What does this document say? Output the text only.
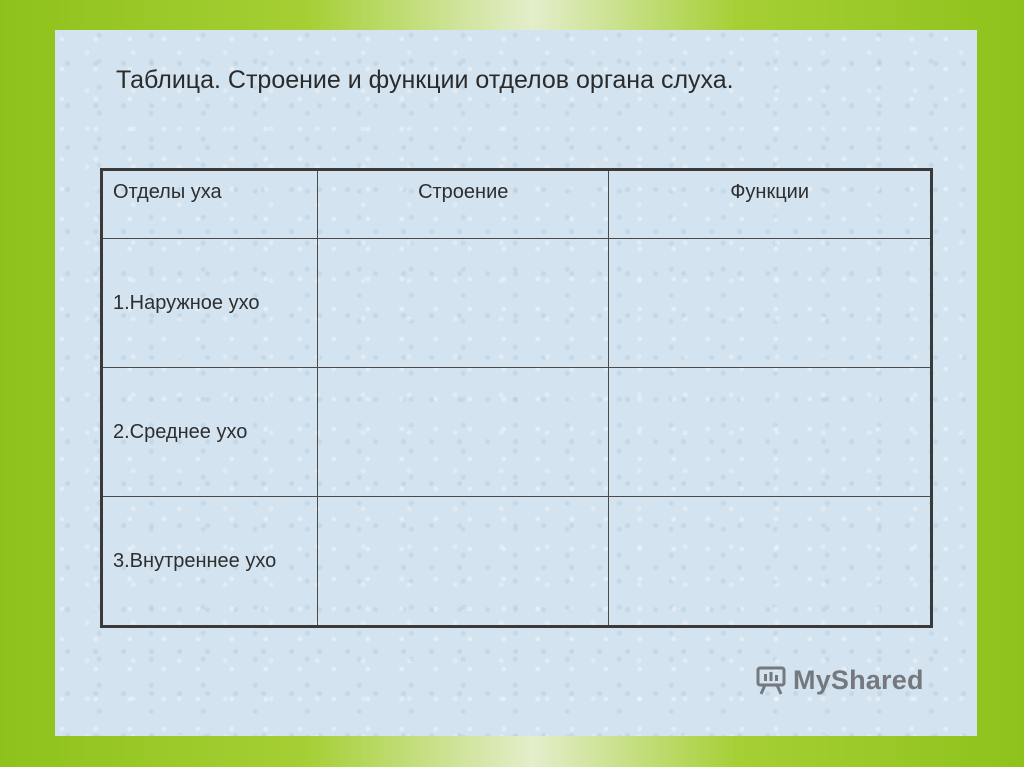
Таблица. Строение и функции отделов органа слуха.
Отделы уха	Строение	Функции
1.Наружное ухо		
2.Среднее ухо		
3.Внутреннее ухо		
MyShared
